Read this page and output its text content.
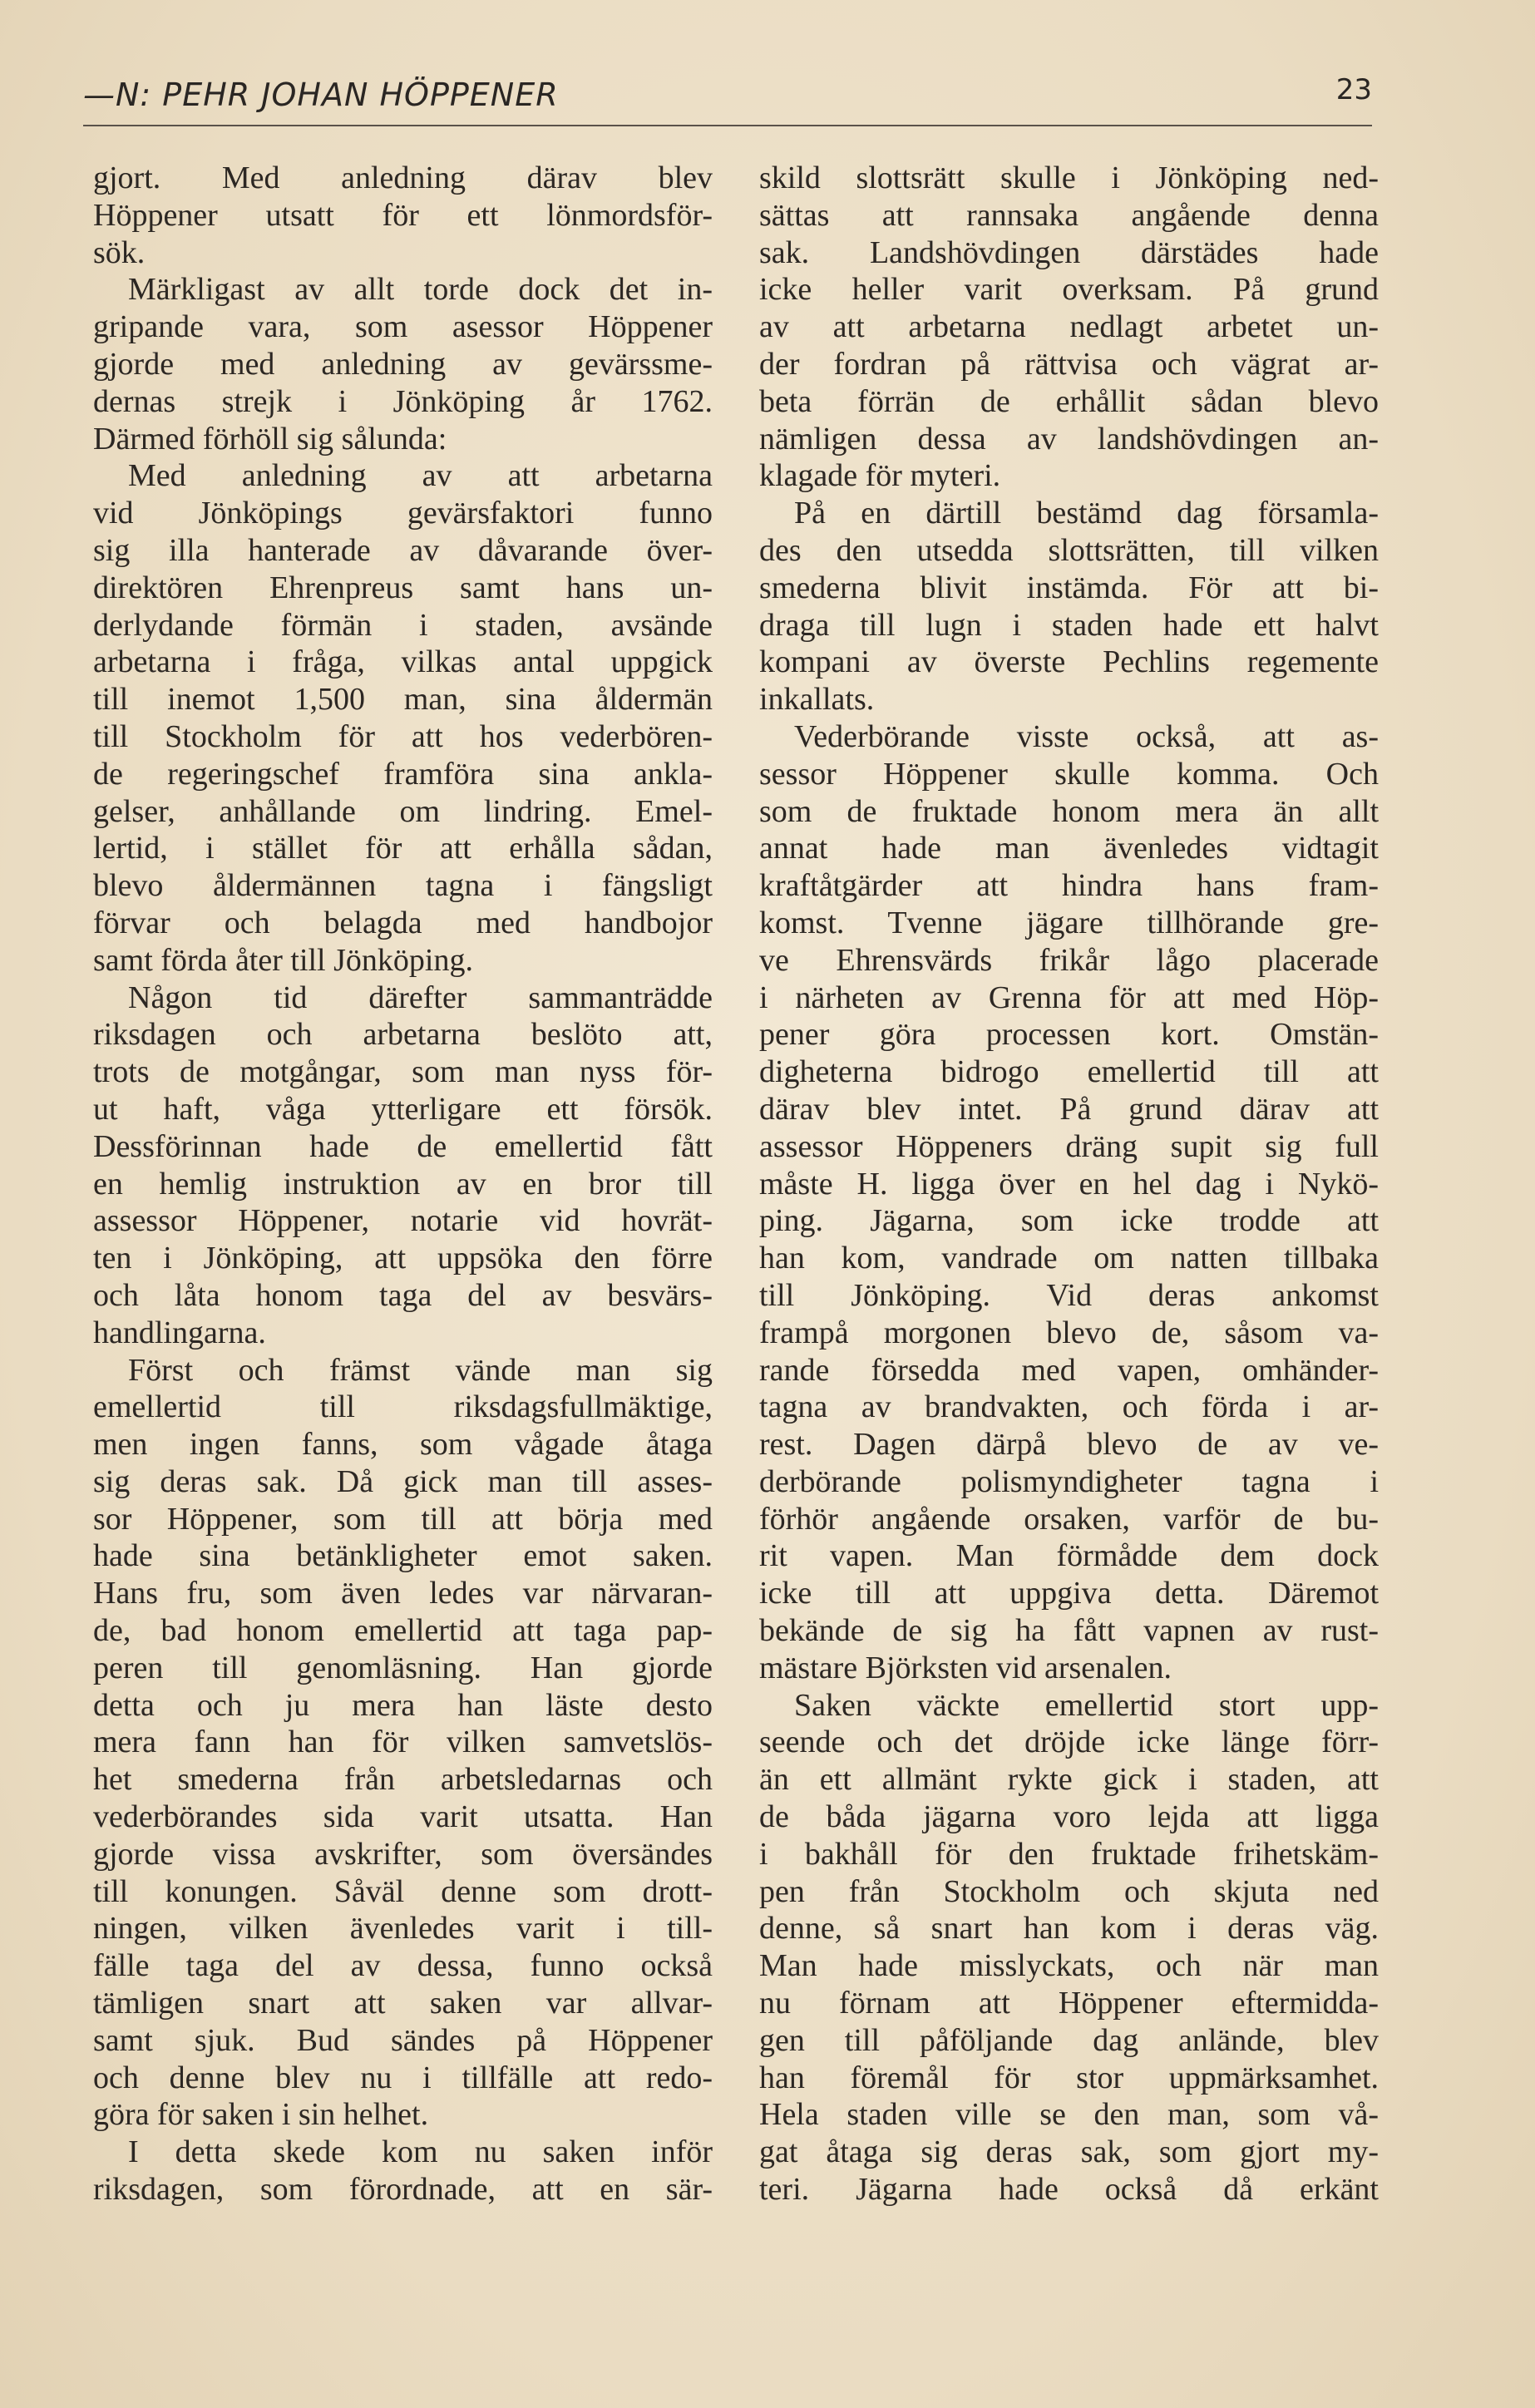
—N: PEHR JOHAN HÖPPENER	23
gjort. Med anledning därav blev
Höppener utsatt för ett lönmordsför-
sök.
Märkligast av allt torde dock det in-
gripande vara, som asessor Höppener
gjorde med anledning av gevärssme-
dernas strejk i Jönköping år 1762.
Därmed förhöll sig sålunda:
Med anledning av att arbetarna
vid Jönköpings gevärsfaktori funno
sig illa hanterade av dåvarande över-
direktören Ehrenpreus samt hans un-
derlydande förmän i staden, avsände
arbetarna i fråga, vilkas antal uppgick
till inemot 1,500 man, sina åldermän
till Stockholm för att hos vederbören-
de regeringschef framföra sina ankla-
gelser, anhållande om lindring. Emel-
lertid, i stället för att erhålla sådan,
blevo åldermännen tagna i fängsligt
förvar och belagda med handbojor
samt förda åter till Jönköping.
Någon tid därefter sammanträdde
riksdagen och arbetarna beslöto att,
trots de motgångar, som man nyss för-
ut haft, våga ytterligare ett försök.
Dessförinnan hade de emellertid fått
en hemlig instruktion av en bror till
assessor Höppener, notarie vid hovrät-
ten i Jönköping, att uppsöka den förre
och låta honom taga del av besvärs-
handlingarna.
Först och främst vände man sig
emellertid till riksdagsfullmäktige,
men ingen fanns, som vågade åtaga
sig deras sak. Då gick man till asses-
sor Höppener, som till att börja med
hade sina betänkligheter emot saken.
Hans fru, som även ledes var närvaran-
de, bad honom emellertid att taga pap-
peren till genomläsning. Han gjorde
detta och ju mera han läste desto
mera fann han för vilken samvetslös-
het smederna från arbetsledarnas och
vederbörandes sida varit utsatta. Han
gjorde vissa avskrifter, som översändes
till konungen. Såväl denne som drott-
ningen, vilken ävenledes varit i till-
fälle taga del av dessa, funno också
tämligen snart att saken var allvar-
samt sjuk. Bud sändes på Höppener
och denne blev nu i tillfälle att redo-
göra för saken i sin helhet.
I detta skede kom nu saken inför
riksdagen, som förordnade, att en sär-
skild slottsrätt skulle i Jönköping ned-
sättas att rannsaka angående denna
sak. Landshövdingen därstädes hade
icke heller varit overksam. På grund
av att arbetarna nedlagt arbetet un-
der fordran på rättvisa och vägrat ar-
beta förrän de erhållit sådan blevo
nämligen dessa av landshövdingen an-
klagade för myteri.
På en därtill bestämd dag församla-
des den utsedda slottsrätten, till vilken
smederna blivit instämda. För att bi-
draga till lugn i staden hade ett halvt
kompani av överste Pechlins regemente
inkallats.
Vederbörande visste också, att as-
sessor Höppener skulle komma. Och
som de fruktade honom mera än allt
annat hade man ävenledes vidtagit
kraftåtgärder att hindra hans fram-
komst. Tvenne jägare tillhörande gre-
ve Ehrensvärds frikår lågo placerade
i närheten av Grenna för att med Höp-
pener göra processen kort. Omstän-
digheterna bidrogo emellertid till att
därav blev intet. På grund därav att
assessor Höppeners dräng supit sig full
måste H. ligga över en hel dag i Nykö-
ping. Jägarna, som icke trodde att
han kom, vandrade om natten tillbaka
till Jönköping. Vid deras ankomst
frampå morgonen blevo de, såsom va-
rande försedda med vapen, omhänder-
tagna av brandvakten, och förda i ar-
rest. Dagen därpå blevo de av ve-
derbörande polismyndigheter tagna i
förhör angående orsaken, varför de bu-
rit vapen. Man förmådde dem dock
icke till att uppgiva detta. Däremot
bekände de sig ha fått vapnen av rust-
mästare Björksten vid arsenalen.
Saken väckte emellertid stort upp-
seende och det dröjde icke länge förr-
än ett allmänt rykte gick i staden, att
de båda jägarna voro lejda att ligga
i bakhåll för den fruktade frihetskäm-
pen från Stockholm och skjuta ned
denne, så snart han kom i deras väg.
Man hade misslyckats, och när man
nu förnam att Höppener eftermidda-
gen till påföljande dag anlände, blev
han föremål för stor uppmärksamhet.
Hela staden ville se den man, som vå-
gat åtaga sig deras sak, som gjort my-
teri. Jägarna hade också då erkänt
